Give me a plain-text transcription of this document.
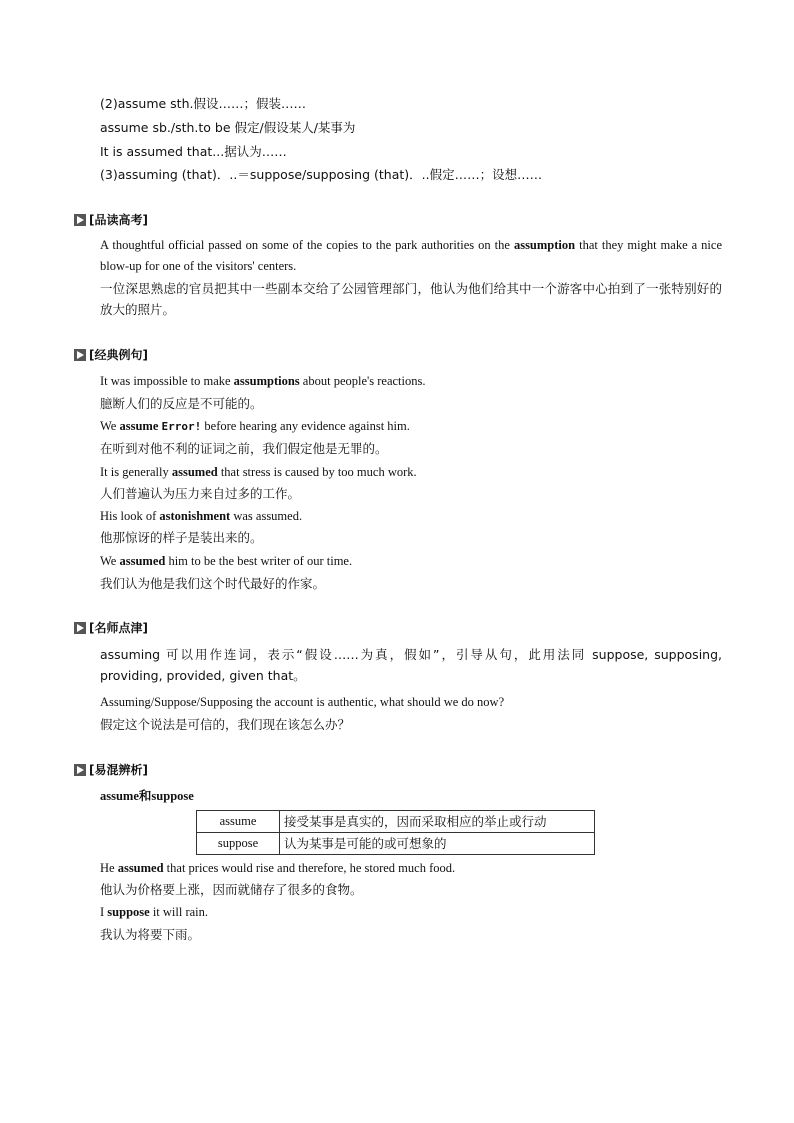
(2)assume sth.假设……；假装……
assume sb./sth.to be 假定/假设某人/某事为
It is assumed that...据认为……
(3)assuming (that)．..＝suppose/supposing (that)．..假定……；设想……
[品读高考]
A thoughtful official passed on some of the copies to the park authorities on the assumption that they might make a nice blow-up for one of the visitors' centers.
一位深思熟虑的官员把其中一些副本交给了公园管理部门，他认为他们给其中一个游客中心拍到了一张特别好的放大的照片。
[经典例句]
It was impossible to make assumptions about people's reactions.
臆断人们的反应是不可能的。
We assume Error! before hearing any evidence against him.
在听到对他不利的证词之前，我们假定他是无罪的。
It is generally assumed that stress is caused by too much work.
人们普遍认为压力来自过多的工作。
His look of astonishment was assumed.
他那惊讶的样子是装出来的。
We assumed him to be the best writer of our time.
我们认为他是我们这个时代最好的作家。
[名师点津]
assuming 可以用作连词，表示“假设……为真，假如”，引导从句，此用法同 suppose, supposing, providing, provided, given that。
Assuming/Suppose/Supposing the account is authentic, what should we do now?
假定这个说法是可信的，我们现在该怎么办？
[易混辨析]
assume和suppose
assume	接受某事是真实的，因而采取相应的举止或行动
suppose	认为某事是可能的或可想象的
He assumed that prices would rise and therefore, he stored much food.
他认为价格要上涨，因而就储存了很多的食物。
I suppose it will rain.
我认为将要下雨。
